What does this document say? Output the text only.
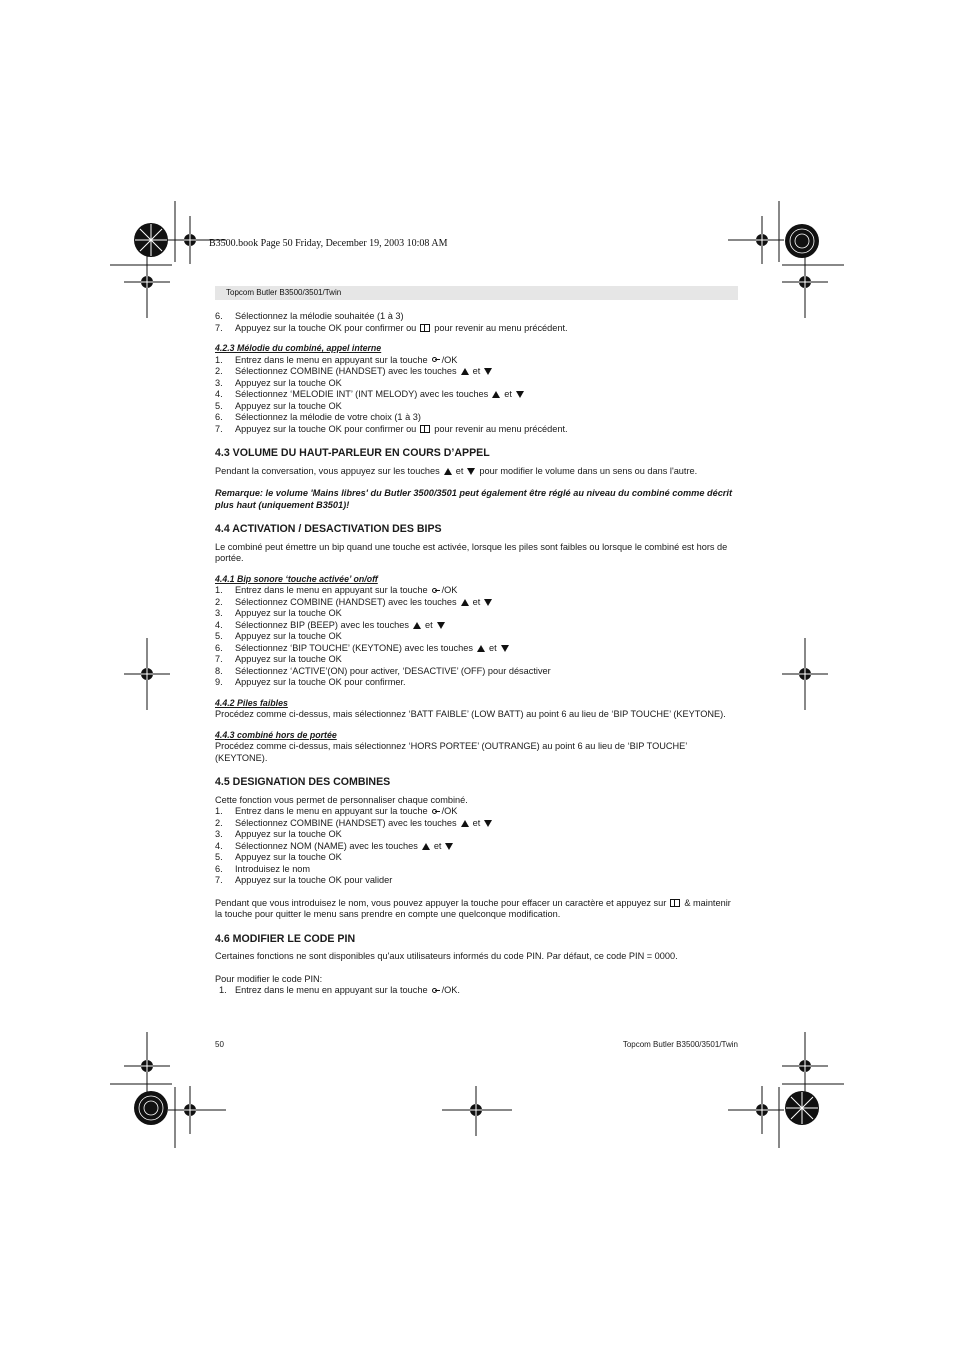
B3500.book Page 50 Friday, December 19, 2003 10:08 AM
Topcom Butler B3500/3501/Twin
6. Sélectionnez la mélodie souhaitée (1 à 3)
7. Appuyez sur la touche OK pour confirmer ou pour revenir au menu précédent.
4.2.3 Mélodie du combiné, appel interne
1. Entrez dans le menu en appuyant sur la touche /OK
2. Sélectionnez COMBINE (HANDSET) avec les touches et
3. Appuyez sur la touche OK
4. Sélectionnez ‘MELODIE INT’ (INT MELODY) avec les touches et
5. Appuyez sur la touche OK
6. Sélectionnez la mélodie de votre choix (1 à 3)
7. Appuyez sur la touche OK pour confirmer ou pour revenir au menu précédent.
4.3 VOLUME DU HAUT-PARLEUR EN COURS D’APPEL

Pendant la conversation, vous appuyez sur les touches et pour modifier le volume dans un sens ou dans l'autre.

Remarque: le volume 'Mains libres' du Butler 3500/3501 peut également être réglé au niveau du combiné comme décrit plus haut (uniquement B3501)!

4.4 ACTIVATION / DESACTIVATION DES BIPS

Le combiné peut émettre un bip quand une touche est activée, lorsque les piles sont faibles ou lorsque le combiné est hors de portée.

4.4.1 Bip sonore ‘touche activée’ on/off
1. Entrez dans le menu en appuyant sur la touche /OK
2. Sélectionnez COMBINE (HANDSET) avec les touches et
3. Appuyez sur la touche OK
4. Sélectionnez BIP (BEEP) avec les touches et
5. Appuyez sur la touche OK
6. Sélectionnez ‘BIP TOUCHE’ (KEYTONE) avec les touches et
7. Appuyez sur la touche OK
8. Sélectionnez ‘ACTIVE’(ON) pour activer, ‘DESACTIVE’ (OFF) pour désactiver
9. Appuyez sur la touche OK pour confirmer.
4.4.2 Piles faibles

Procédez comme ci-dessus, mais sélectionnez ‘BATT FAIBLE’ (LOW BATT) au point 6 au lieu de ‘BIP TOUCHE’ (KEYTONE).

4.4.3 combiné hors de portée

Procédez comme ci-dessus, mais sélectionnez ‘HORS PORTEE’ (OUTRANGE) au point 6 au lieu de ‘BIP TOUCHE’ (KEYTONE).

4.5 DESIGNATION DES COMBINES

Cette fonction vous permet de personnaliser chaque combiné.

1. Entrez dans le menu en appuyant sur la touche /OK
2. Sélectionnez COMBINE (HANDSET) avec les touches et
3. Appuyez sur la touche OK
4. Sélectionnez NOM (NAME) avec les touches et
5. Appuyez sur la touche OK
6. Introduisez le nom
7. Appuyez sur la touche OK pour valider

Pendant que vous introduisez le nom, vous pouvez appuyer la touche pour effacer un caractère et appuyez sur & maintenir la touche pour quitter le menu sans prendre en compte une quelconque modification.

4.6 MODIFIER LE CODE PIN

Certaines fonctions ne sont disponibles qu'aux utilisateurs informés du code PIN. Par défaut, ce code PIN = 0000.

Pour modifier le code PIN:

1. Entrez dans le menu en appuyant sur la touche /OK.
50	Topcom Butler B3500/3501/Twin
